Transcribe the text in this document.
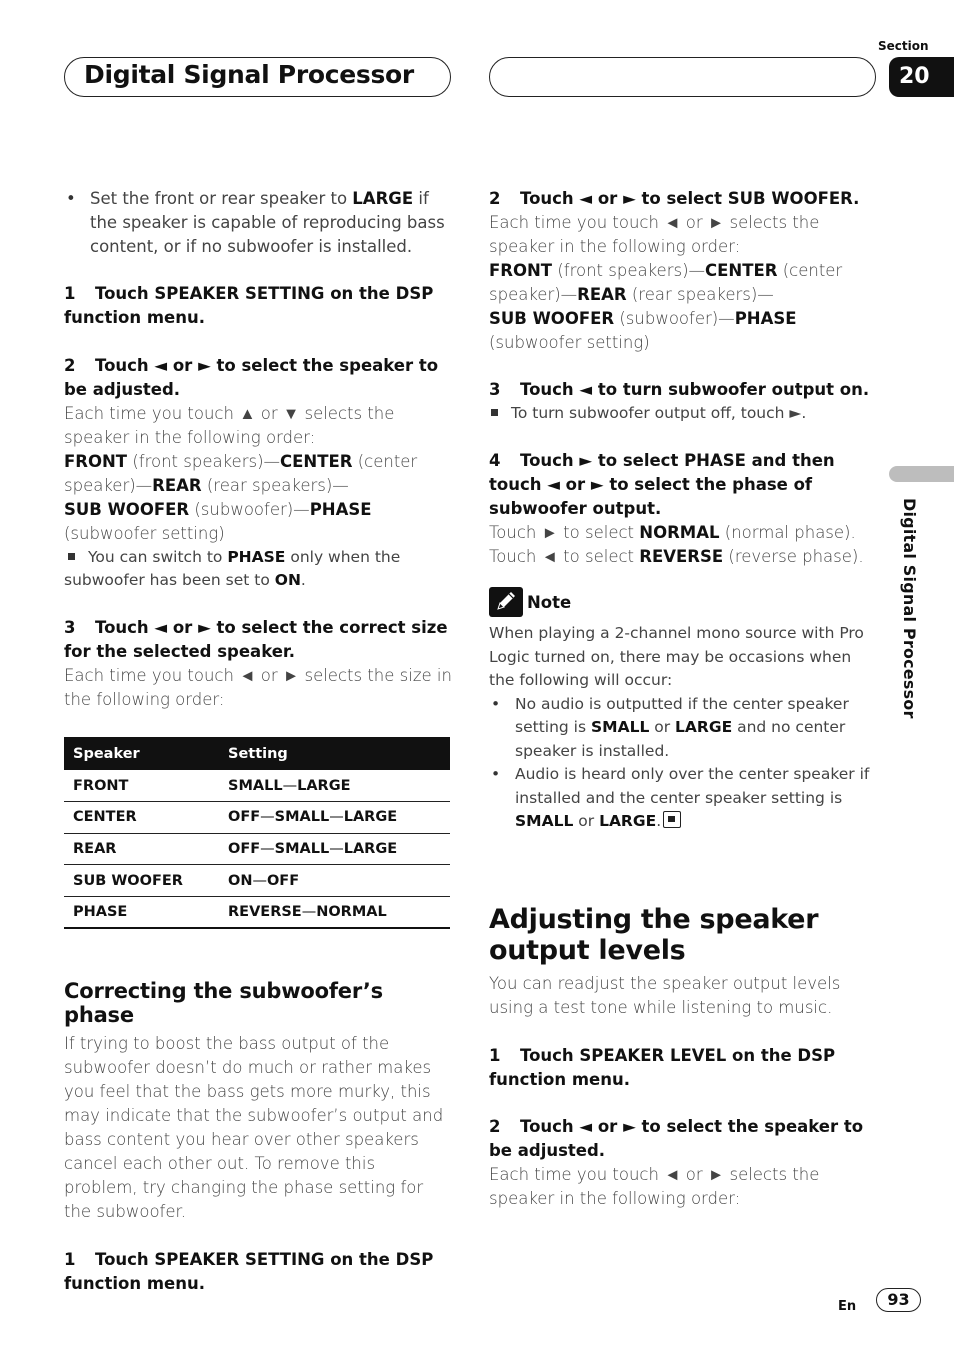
Digital Signal Processor
Section
20
Digital Signal Processor
• Set the front or rear speaker to LARGE if the speaker is capable of reproducing bass content, or if no subwoofer is installed.
1 Touch SPEAKER SETTING on the DSP function menu.
2 Touch ◄ or ► to select the speaker to be adjusted.
Each time you touch ▲ or ▼ selects the speaker in the following order:
FRONT (front speakers)—CENTER (center speaker)—REAR (rear speakers)—
SUB WOOFER (subwoofer)—PHASE (subwoofer setting)
You can switch to PHASE only when the subwoofer has been set to ON.
3 Touch ◄ or ► to select the correct size for the selected speaker.
Each time you touch ◄ or ► selects the size in the following order:
Speaker	Setting
FRONT	SMALL—LARGE
CENTER	OFF—SMALL—LARGE
REAR	OFF—SMALL—LARGE
SUB WOOFER	ON—OFF
PHASE	REVERSE—NORMAL
Correcting the subwoofer’s phase
If trying to boost the bass output of the subwoofer doesn’t do much or rather makes you feel that the bass gets more murky, this may indicate that the subwoofer’s output and bass content you hear over other speakers cancel each other out. To remove this problem, try changing the phase setting for the subwoofer.
1 Touch SPEAKER SETTING on the DSP function menu.
2 Touch ◄ or ► to select SUB WOOFER.
Each time you touch ◄ or ► selects the speaker in the following order:
FRONT (front speakers)—CENTER (center speaker)—REAR (rear speakers)—
SUB WOOFER (subwoofer)—PHASE (subwoofer setting)
3 Touch ◄ to turn subwoofer output on.
To turn subwoofer output off, touch ►.
4 Touch ► to select PHASE and then touch ◄ or ► to select the phase of subwoofer output.
Touch ► to select NORMAL (normal phase).
Touch ◄ to select REVERSE (reverse phase).
Note
When playing a 2-channel mono source with Pro Logic turned on, there may be occasions when the following will occur:
• No audio is outputted if the center speaker setting is SMALL or LARGE and no center speaker is installed.
• Audio is heard only over the center speaker if installed and the center speaker setting is SMALL or LARGE.
Adjusting the speaker output levels
You can readjust the speaker output levels using a test tone while listening to music.
1 Touch SPEAKER LEVEL on the DSP function menu.
2 Touch ◄ or ► to select the speaker to be adjusted.
Each time you touch ◄ or ► selects the speaker in the following order:
En	93
